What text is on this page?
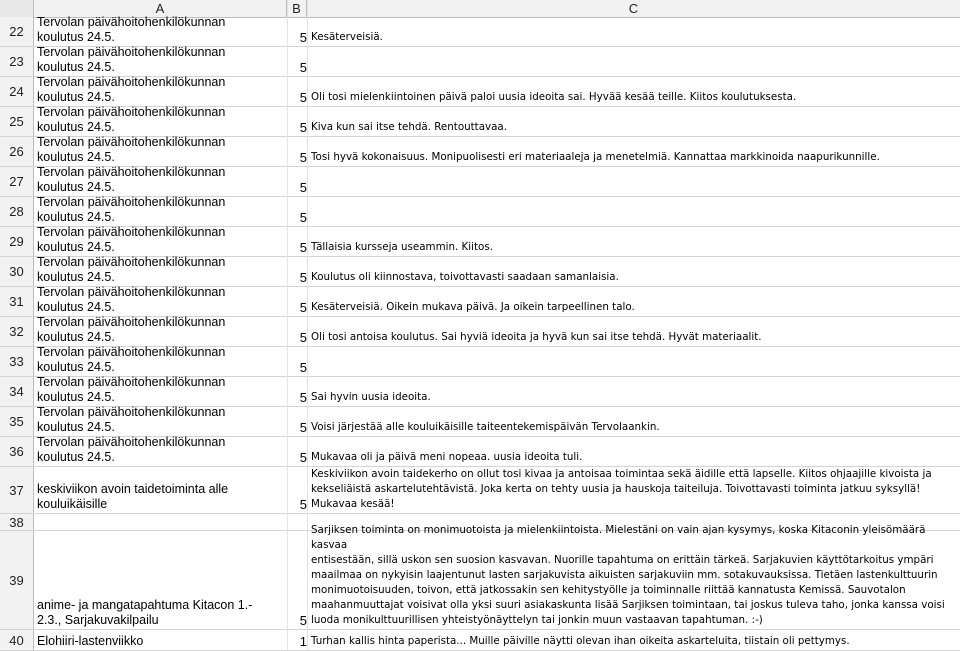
A	B	C
22
Tervolan päivähoitohenkilökunnan
koulutus 24.5.	5 Kesäterveisiä.
23
Tervolan päivähoitohenkilökunnan
koulutus 24.5.	5
24
Tervolan päivähoitohenkilökunnan
koulutus 24.5.	5 Oli tosi mielenkiintoinen päivä paloi uusia ideoita sai. Hyvää kesää teille. Kiitos koulutuksesta.
25
Tervolan päivähoitohenkilökunnan
koulutus 24.5.	5 Kiva kun sai itse tehdä. Rentouttavaa.
26
Tervolan päivähoitohenkilökunnan
koulutus 24.5.	5 Tosi hyvä kokonaisuus. Monipuolisesti eri materiaaleja ja menetelmiä. Kannattaa markkinoida naapurikunnille.
27
Tervolan päivähoitohenkilökunnan
koulutus 24.5.	5
28
Tervolan päivähoitohenkilökunnan
koulutus 24.5.	5
29
Tervolan päivähoitohenkilökunnan
koulutus 24.5.	5 Tällaisia kursseja useammin. Kiitos.
30
Tervolan päivähoitohenkilökunnan
koulutus 24.5.	5 Koulutus oli kiinnostava, toivottavasti saadaan samanlaisia.
31
Tervolan päivähoitohenkilökunnan
koulutus 24.5.	5 Kesäterveisiä. Oikein mukava päivä. Ja oikein tarpeellinen talo.
32
Tervolan päivähoitohenkilökunnan
koulutus 24.5.	5 Oli tosi antoisa koulutus. Sai hyviä ideoita ja hyvä kun sai itse tehdä. Hyvät materiaalit.
33
Tervolan päivähoitohenkilökunnan
koulutus 24.5.	5
34
Tervolan päivähoitohenkilökunnan
koulutus 24.5.	5 Sai hyvin uusia ideoita.
35
Tervolan päivähoitohenkilökunnan
koulutus 24.5.	5 Voisi järjestää alle kouluikäisille taiteentekemispäivän Tervolaankin.
36
Tervolan päivähoitohenkilökunnan
koulutus 24.5.	5 Mukavaa oli ja päivä meni nopeaa. uusia ideoita tuli.
37	keskiviikon avoin taidetoiminta alle
kouluikäisille	5
Keskiviikon avoin taidekerho on ollut tosi kivaa ja antoisaa toimintaa sekä äidille että lapselle. Kiitos ohjaajille kivoista ja
kekseliäistä askartelutehtävistä. Joka kerta on tehty uusia ja hauskoja taiteiluja. Toivottavasti toiminta jatkuu syksyllä!
Mukavaa kesää!
38
39
anime- ja mangatapahtuma Kitacon 1.-
2.3., Sarjakuvakilpailu	5
Sarjiksen toiminta on monimuotoista ja mielenkiintoista. Mielestäni on vain ajan kysymys, koska Kitaconin yleisömäärä kasvaa
entisestään, sillä uskon sen suosion kasvavan. Nuorille tapahtuma on erittäin tärkeä. Sarjakuvien käyttötarkoitus ympäri
maailmaa on nykyisin laajentunut lasten sarjakuvista aikuisten sarjakuviin mm. sotakuvauksissa. Tietäen lastenkulttuurin
monimuotoisuuden, toivon, että jatkossakin sen kehitystyölle ja toiminnalle riittää kannatusta Kemissä. Sauvotalon
maahanmuuttajat voisivat olla yksi suuri asiakaskunta lisää Sarjiksen toimintaan, tai joskus tuleva taho, jonka kanssa voisi
luoda monikulttuurillisen yhteistyönäyttelyn tai jonkin muun vastaavan tapahtuman. :-)
40	Elohiiri-lastenviikko	1 Turhan kallis hinta paperista... Muille päiville näytti olevan ihan oikeita askarteluita, tiistain oli pettymys.
